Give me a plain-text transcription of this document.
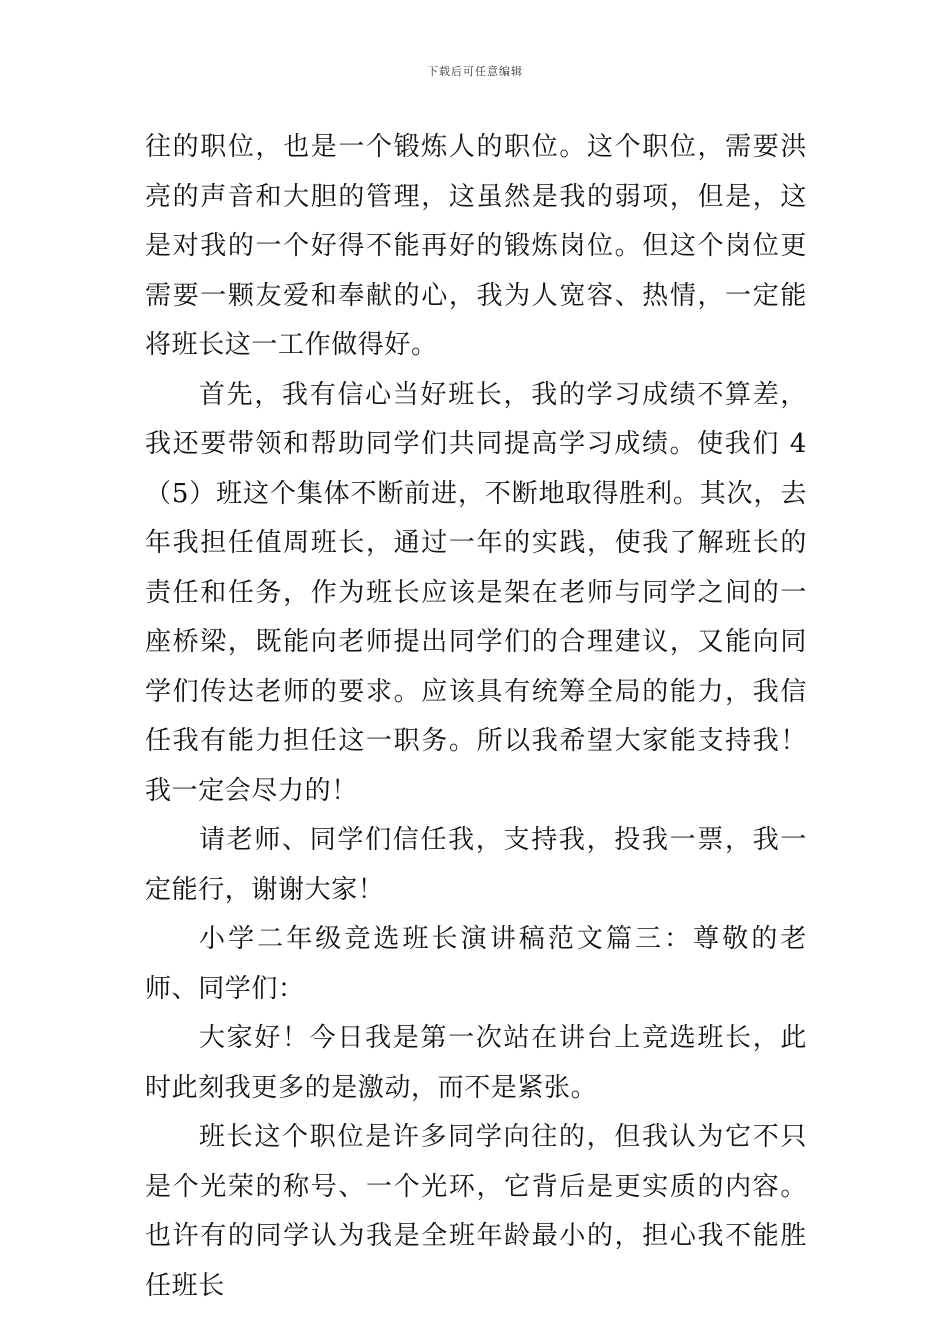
下载后可任意编辑

往的职位，也是一个锻炼人的职位。这个职位，需要洪亮的声音和大胆的管理，这虽然是我的弱项，但是，这是对我的一个好得不能再好的锻炼岗位。但这个岗位更需要一颗友爱和奉献的心，我为人宽容、热情，一定能将班长这一工作做得好。

首先，我有信心当好班长，我的学习成绩不算差，我还要带领和帮助同学们共同提高学习成绩。使我们 4（5）班这个集体不断前进，不断地取得胜利。其次，去年我担任值周班长，通过一年的实践，使我了解班长的责任和任务，作为班长应该是架在老师与同学之间的一座桥梁，既能向老师提出同学们的合理建议，又能向同学们传达老师的要求。应该具有统筹全局的能力，我信任我有能力担任这一职务。所以我希望大家能支持我！我一定会尽力的！

请老师、同学们信任我，支持我，投我一票，我一定能行，谢谢大家！

小学二年级竞选班长演讲稿范文篇三：尊敬的老师、同学们：

大家好！今日我是第一次站在讲台上竞选班长，此时此刻我更多的是激动，而不是紧张。

班长这个职位是许多同学向往的，但我认为它不只是个光荣的称号、一个光环，它背后是更实质的内容。也许有的同学认为我是全班年龄最小的，担心我不能胜任班长
